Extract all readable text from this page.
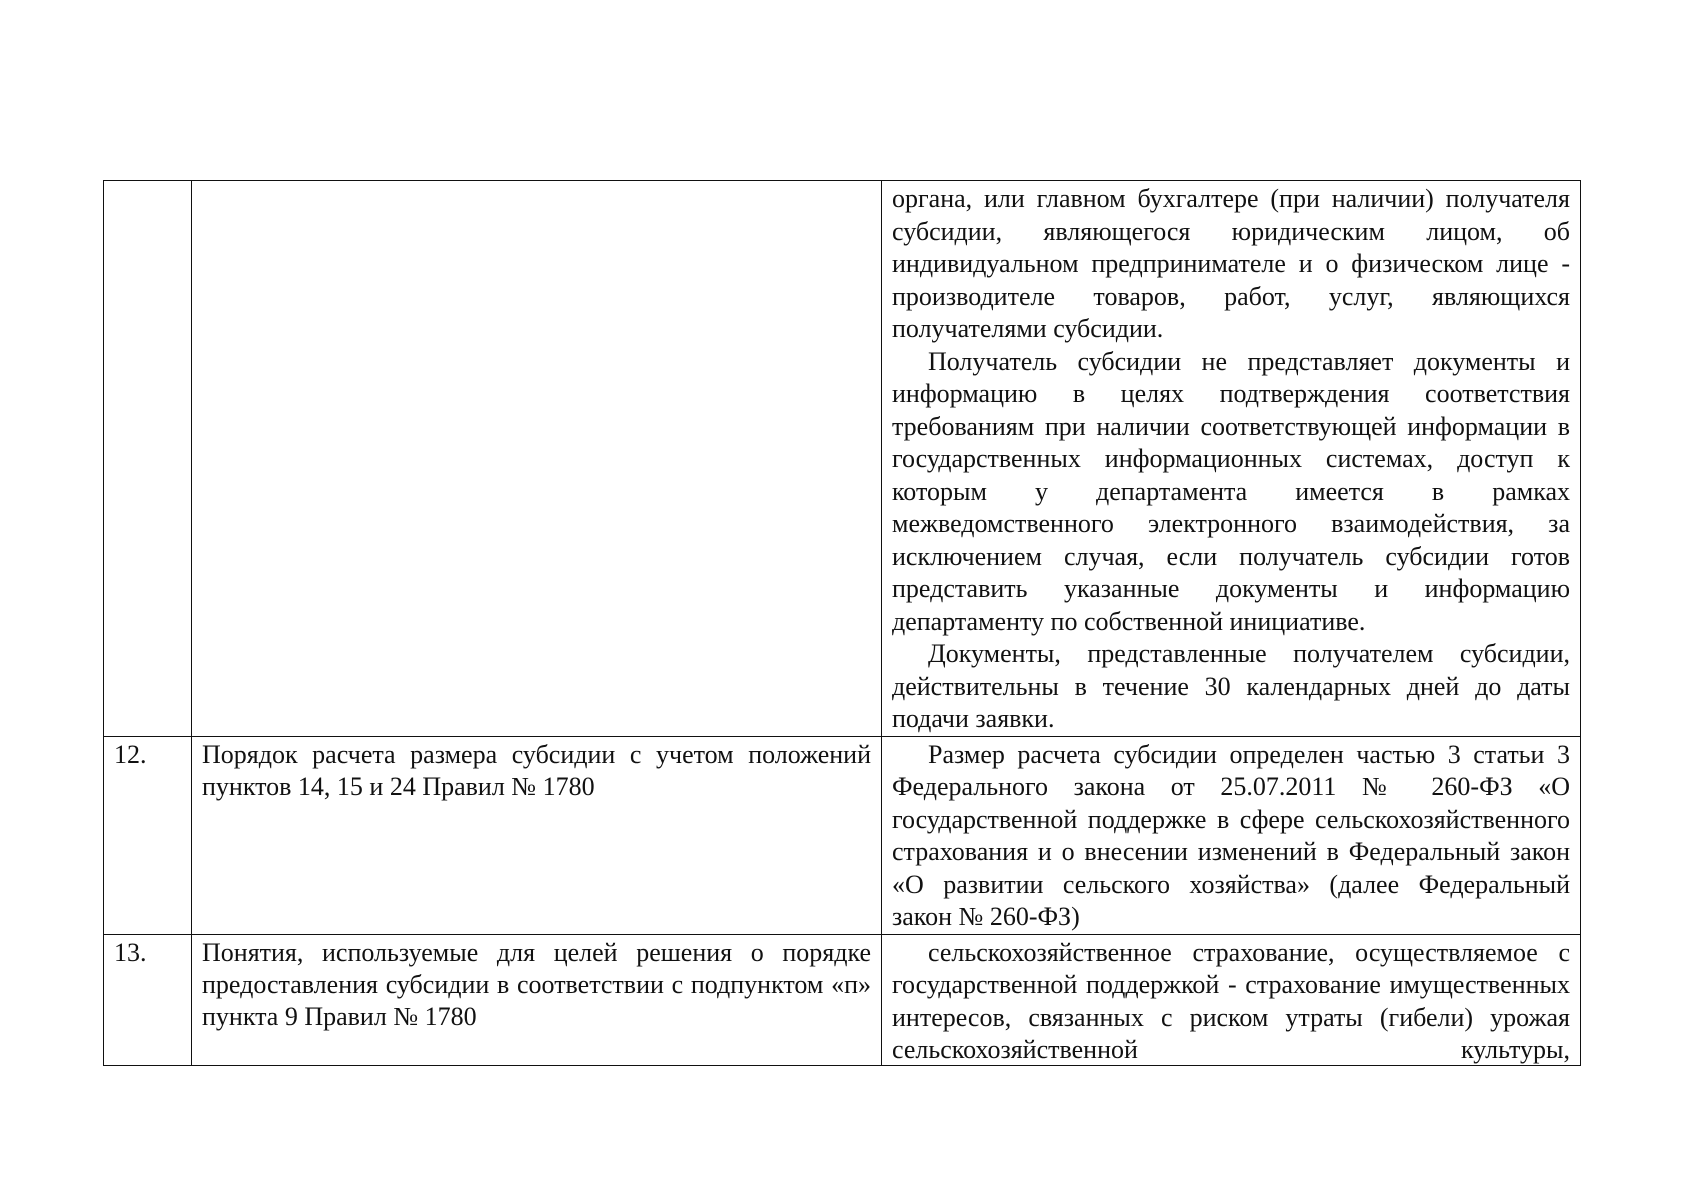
		органа, или главном бухгалтере (при наличии) получателя субсидии, являющегося юридическим лицом, об индивидуальном предпринимателе и о физическом лице - производителе товаров, работ, услуг, являющихся получателями субсидии.

Получатель субсидии не представляет документы и информацию в целях подтверждения соответствия требованиям при наличии соответствующей информации в государственных информационных системах, доступ к которым у департамента имеется в рамках межведомственного электронного взаимодействия, за исключением случая, если получатель субсидии готов представить указанные документы и информацию департаменту по собственной инициативе.

Документы, представленные получателем субсидии, действительны в течение 30 календарных дней до даты подачи заявки.

12.	Порядок расчета размера субсидии с учетом положений пунктов 14, 15 и 24 Правил № 1780	Размер расчета субсидии определен частью 3 статьи 3 Федерального закона от 25.07.2011 № 260-ФЗ «О государственной поддержке в сфере сельскохозяйственного страхования и о внесении изменений в Федеральный закон «О развитии сельского хозяйства» (далее Федеральный закон № 260-ФЗ)

13.	Понятия, используемые для целей решения о порядке предоставления субсидии в соответствии с подпунктом «п» пункта 9 Правил № 1780	сельскохозяйственное страхование, осуществляемое с государственной поддержкой - страхование имущественных интересов, связанных с риском утраты (гибели) урожая сельскохозяйственной культуры,
